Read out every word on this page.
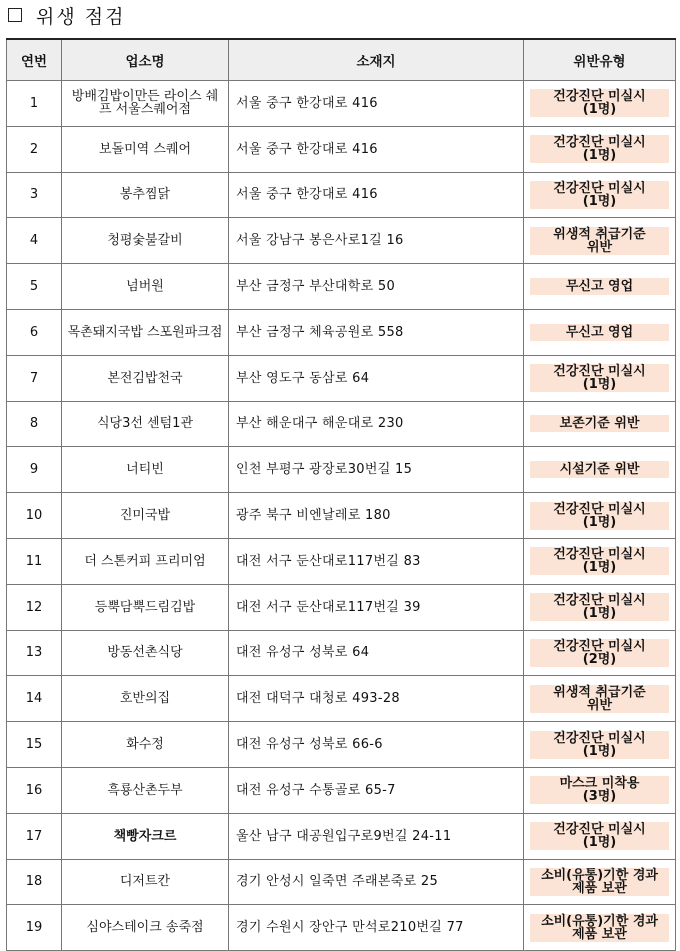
위생 점검
연번	업소명	소재지	위반유형
1	방배김밥이만든 라이스 쉐프 서울스퀘어점	서울 중구 한강대로 416	건강진단 미실시
(1명)

2	보돌미역 스퀘어	서울 중구 한강대로 416	건강진단 미실시
(1명)

3	봉추찜닭	서울 중구 한강대로 416	건강진단 미실시
(1명)

4	청평숯불갈비	서울 강남구 봉은사로1길 16	위생적 취급기준
위반

5	넘버원	부산 금정구 부산대학로 50	무신고 영업

6	목촌돼지국밥 스포원파크점	부산 금정구 체육공원로 558	무신고 영업

7	본전김밥천국	부산 영도구 동삼로 64	건강진단 미실시
(1명)

8	식당3선 센텀1관	부산 해운대구 해운대로 230	보존기준 위반

9	너티빈	인천 부평구 광장로30번길 15	시설기준 위반

10	진미국밥	광주 북구 비엔날레로 180	건강진단 미실시
(1명)

11	더 스톤커피 프리미엄	대전 서구 둔산대로117번길 83	건강진단 미실시
(1명)

12	등뿍담뿍드림김밥	대전 서구 둔산대로117번길 39	건강진단 미실시
(1명)

13	방동선촌식당	대전 유성구 성북로 64	건강진단 미실시
(2명)

14	호반의집	대전 대덕구 대청로 493-28	위생적 취급기준
위반

15	화수정	대전 유성구 성북로 66-6	건강진단 미실시
(1명)

16	흑룡산촌두부	대전 유성구 수통골로 65-7	마스크 미착용
(3명)

17	책빵자크르	울산 남구 대공원입구로9번길 24-11	건강진단 미실시
(1명)

18	디저트칸	경기 안성시 일죽면 주래본죽로 25	소비(유통)기한 경과
제품 보관

19	심야스테이크 송죽점	경기 수원시 장안구 만석로210번길 77	소비(유통)기한 경과
제품 보관
